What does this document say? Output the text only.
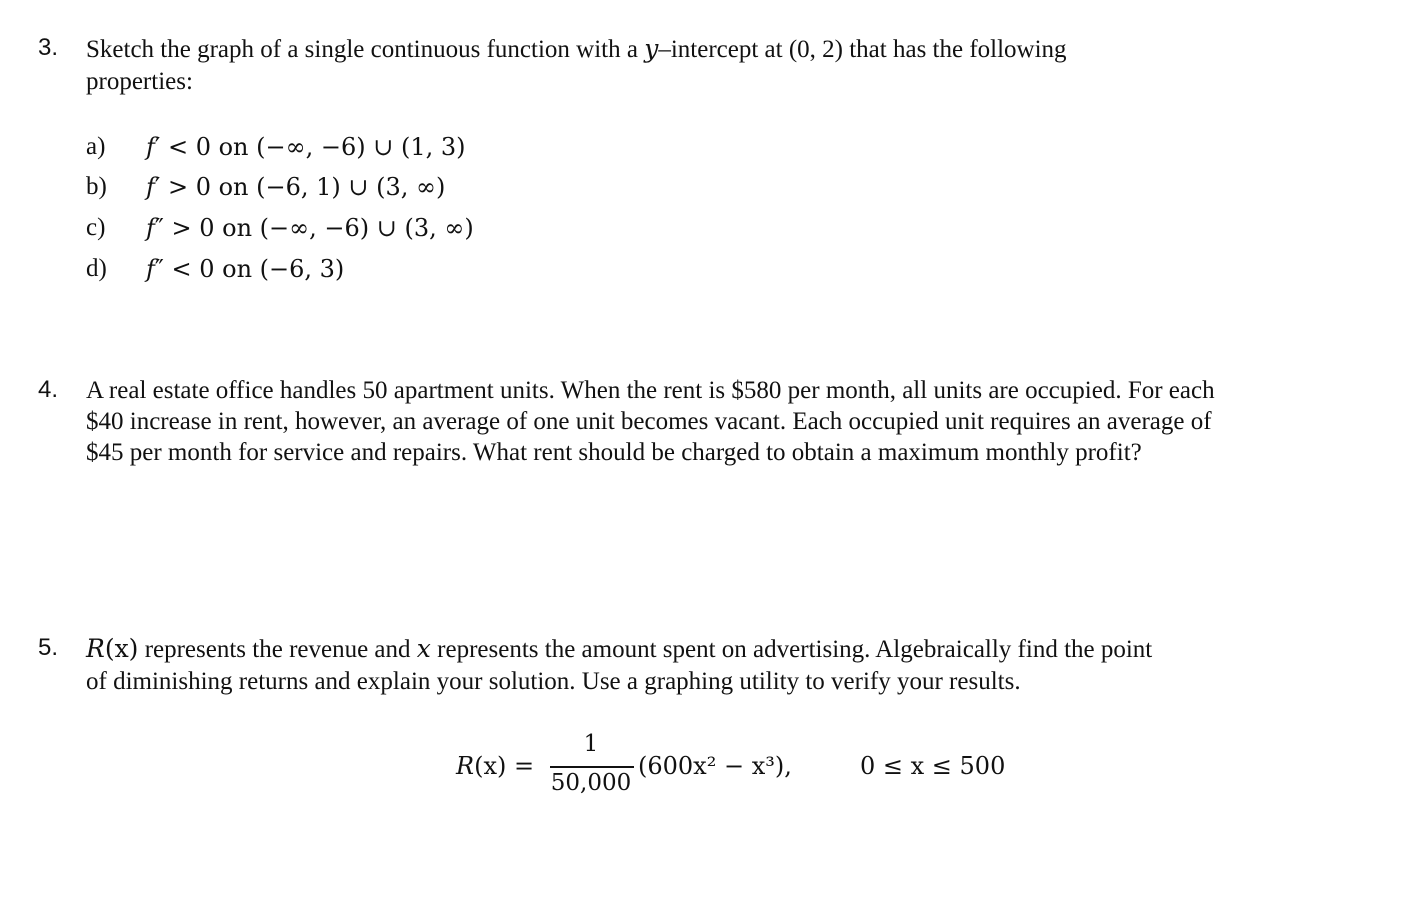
3. Sketch the graph of a single continuous function with a y–intercept at (0, 2) that has the following
properties:
a) f′ < 0 on (−∞, −6) ∪ (1, 3)
b) f′ > 0 on (−6, 1) ∪ (3, ∞)
c) f″ > 0 on (−∞, −6) ∪ (3, ∞)
d) f″ < 0 on (−6, 3)
4. A real estate office handles 50 apartment units. When the rent is $580 per month, all units are occupied. For each
$40 increase in rent, however, an average of one unit becomes vacant. Each occupied unit requires an average of
$45 per month for service and repairs. What rent should be charged to obtain a maximum monthly profit?
5. R(x) represents the revenue and x represents the amount spent on advertising. Algebraically find the point
of diminishing returns and explain your solution. Use a graphing utility to verify your results.
R(x) =
1
50,000
(600x² − x³),	0 ≤ x ≤ 500
